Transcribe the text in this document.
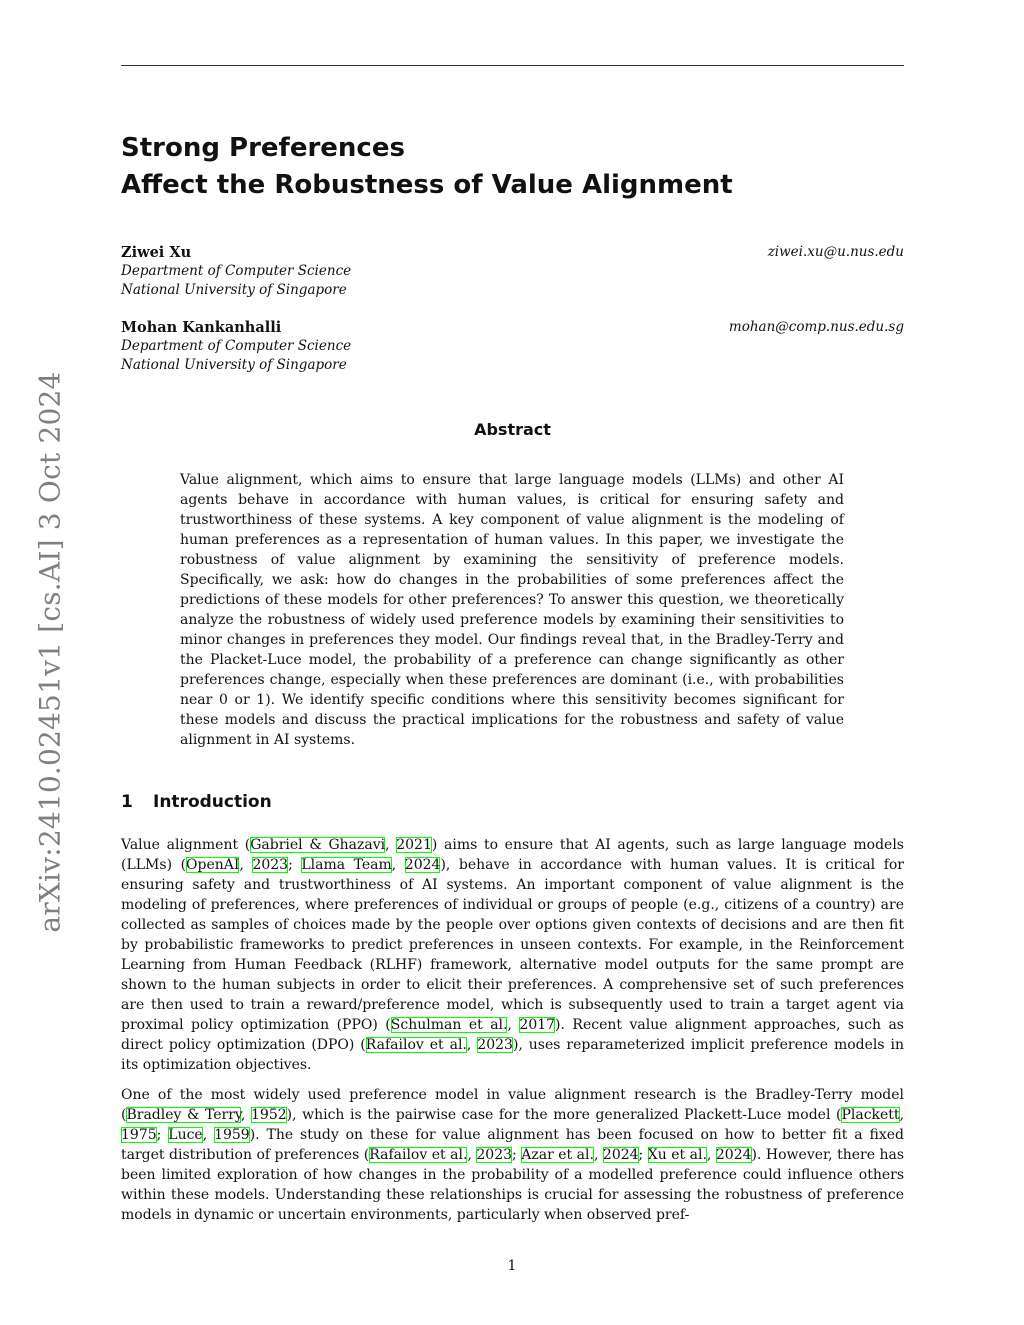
arXiv:2410.02451v1 [cs.AI] 3 Oct 2024
Strong Preferences
Affect the Robustness of Value Alignment
Ziwei Xu
Department of Computer Science
National University of Singapore
ziwei.xu@u.nus.edu
Mohan Kankanhalli
Department of Computer Science
National University of Singapore
mohan@comp.nus.edu.sg
Abstract
Value alignment, which aims to ensure that large language models (LLMs) and other AI agents behave in accordance with human values, is critical for ensuring safety and trustworthiness of these systems. A key component of value alignment is the modeling of human preferences as a representation of human values. In this paper, we investigate the robustness of value alignment by examining the sensitivity of preference models. Specifically, we ask: how do changes in the probabilities of some preferences affect the predictions of these models for other preferences? To answer this question, we theoretically analyze the robustness of widely used preference models by examining their sensitivities to minor changes in preferences they model. Our findings reveal that, in the Bradley-Terry and the Placket-Luce model, the probability of a preference can change significantly as other preferences change, especially when these preferences are dominant (i.e., with probabilities near 0 or 1). We identify specific conditions where this sensitivity becomes significant for these models and discuss the practical implications for the robustness and safety of value alignment in AI systems.
1 Introduction
Value alignment (Gabriel & Ghazavi, 2021) aims to ensure that AI agents, such as large language models (LLMs) (OpenAI, 2023; Llama Team, 2024), behave in accordance with human values. It is critical for ensuring safety and trustworthiness of AI systems. An important component of value alignment is the modeling of preferences, where preferences of individual or groups of people (e.g., citizens of a country) are collected as samples of choices made by the people over options given contexts of decisions and are then fit by probabilistic frameworks to predict preferences in unseen contexts. For example, in the Reinforcement Learning from Human Feedback (RLHF) framework, alternative model outputs for the same prompt are shown to the human subjects in order to elicit their preferences. A comprehensive set of such preferences are then used to train a reward/preference model, which is subsequently used to train a target agent via proximal policy optimization (PPO) (Schulman et al., 2017). Recent value alignment approaches, such as direct policy optimization (DPO) (Rafailov et al., 2023), uses reparameterized implicit preference models in its optimization objectives.
One of the most widely used preference model in value alignment research is the Bradley-Terry model (Bradley & Terry, 1952), which is the pairwise case for the more generalized Plackett-Luce model (Plackett, 1975; Luce, 1959). The study on these for value alignment has been focused on how to better fit a fixed target distribution of preferences (Rafailov et al., 2023; Azar et al., 2024; Xu et al., 2024). However, there has been limited exploration of how changes in the probability of a modelled preference could influence others within these models. Understanding these relationships is crucial for assessing the robustness of preference models in dynamic or uncertain environments, particularly when observed pref-
1
